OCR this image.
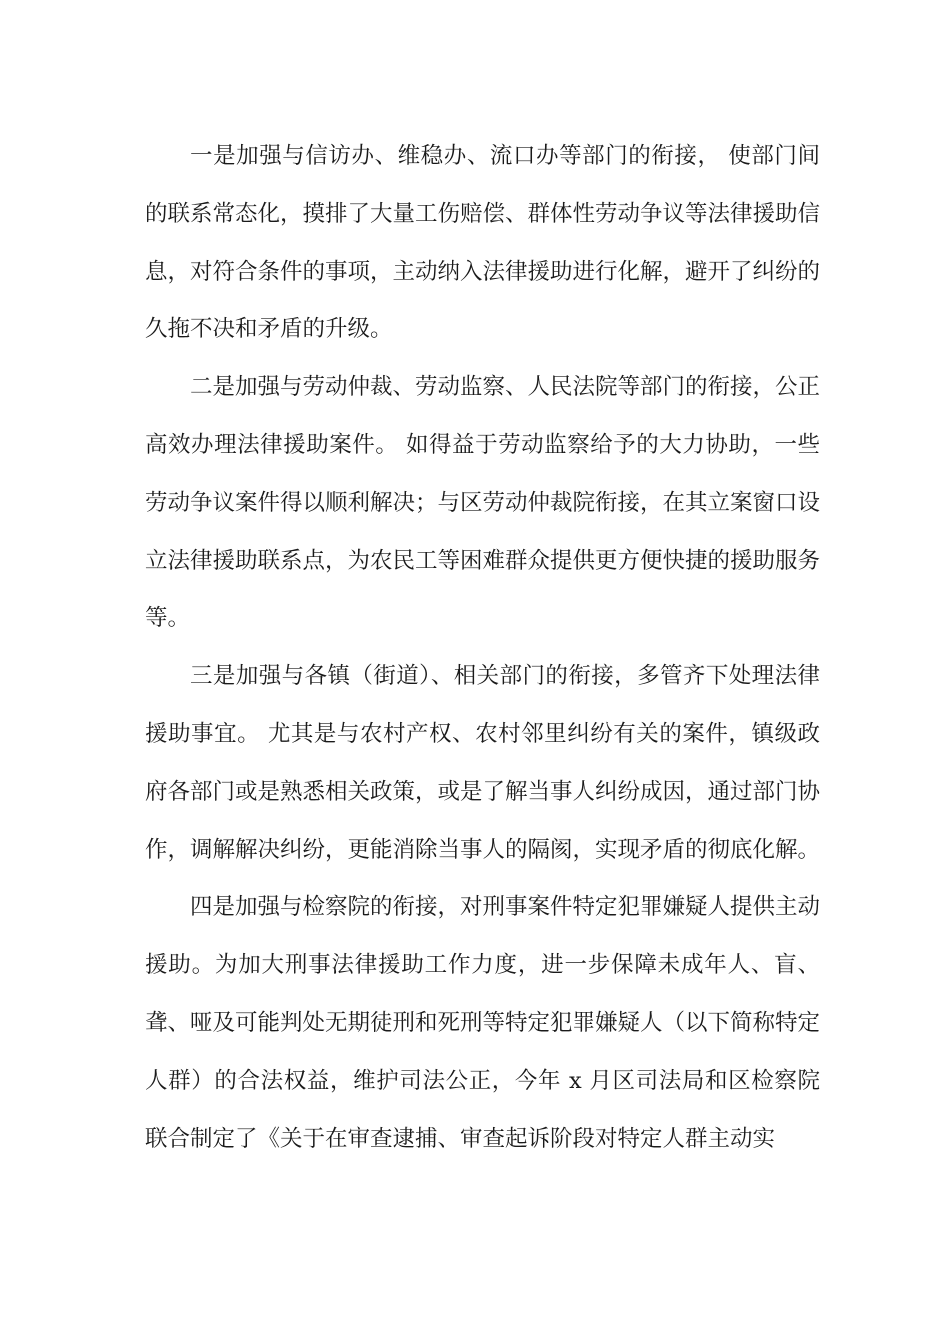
一是加强与信访办、维稳办、流口办等部门的衔接， 使部门间的联系常态化，摸排了大量工伤赔偿、群体性劳动争议等法律援助信息，对符合条件的事项，主动纳入法律援助进行化解，避开了纠纷的久拖不决和矛盾的升级。

二是加强与劳动仲裁、劳动监察、人民法院等部门的衔接，公正高效办理法律援助案件。 如得益于劳动监察给予的大力协助，一些劳动争议案件得以顺利解决；与区劳动仲裁院衔接，在其立案窗口设立法律援助联系点，为农民工等困难群众提供更方便快捷的援助服务等。

三是加强与各镇（街道）、相关部门的衔接，多管齐下处理法律援助事宜。 尤其是与农村产权、农村邻里纠纷有关的案件，镇级政府各部门或是熟悉相关政策，或是了解当事人纠纷成因，通过部门协作，调解解决纠纷，更能消除当事人的隔阂，实现矛盾的彻底化解。

四是加强与检察院的衔接，对刑事案件特定犯罪嫌疑人提供主动援助。为加大刑事法律援助工作力度，进一步保障未成年人、盲、聋、哑及可能判处无期徒刑和死刑等特定犯罪嫌疑人（以下简称特定人群）的合法权益，维护司法公正，今年 x 月区司法局和区检察院联合制定了《关于在审查逮捕、审查起诉阶段对特定人群主动实
